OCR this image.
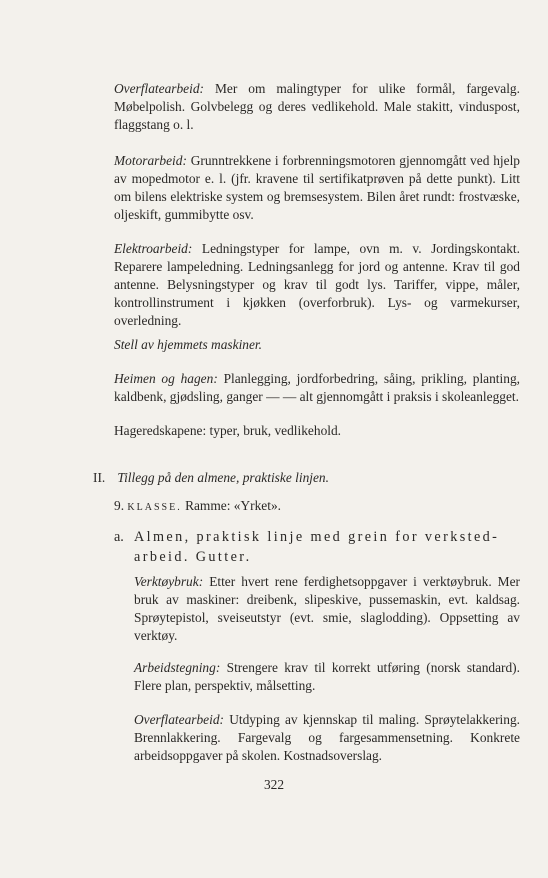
Overflatearbeid: Mer om malingtyper for ulike formål, fargevalg. Møbelpolish. Golvbelegg og deres vedlikehold. Male stakitt, vinduspost, flaggstang o. l.

Motorarbeid: Grunntrekkene i forbrenningsmotoren gjennomgått ved hjelp av mopedmotor e. l. (jfr. kravene til sertifikatprøven på dette punkt). Litt om bilens elektriske system og bremsesystem. Bilen året rundt: frostvæske, oljeskift, gummibytte osv.

Elektroarbeid: Ledningstyper for lampe, ovn m. v. Jordingskontakt. Reparere lampeledning. Ledningsanlegg for jord og antenne. Krav til god antenne. Belysningstyper og krav til godt lys. Tariffer, vippe, måler, kontrollinstrument i kjøkken (overforbruk). Lys- og varmekurser, overledning.

Stell av hjemmets maskiner.

Heimen og hagen: Planlegging, jordforbedring, såing, prikling, planting, kaldbenk, gjødsling, ganger — — alt gjennomgått i praksis i skoleanlegget.

Hageredskapene: typer, bruk, vedlikehold.

II. Tillegg på den almene, praktiske linjen.
9. KLASSE. Ramme: «Yrket».
a. Almen, praktisk linje med grein for verksted-
arbeid. Gutter.

Verktøybruk: Etter hvert rene ferdighetsoppgaver i verktøybruk. Mer bruk av maskiner: dreibenk, slipeskive, pussemaskin, evt. kaldsag. Sprøytepistol, sveiseutstyr (evt. smie, slaglodding). Oppsetting av verktøy.

Arbeidstegning: Strengere krav til korrekt utføring (norsk standard). Flere plan, perspektiv, målsetting.

Overflatearbeid: Utdyping av kjennskap til maling. Sprøytelakkering. Brennlakkering. Fargevalg og fargesammensetning. Konkrete arbeidsoppgaver på skolen. Kostnadsoverslag.

322
